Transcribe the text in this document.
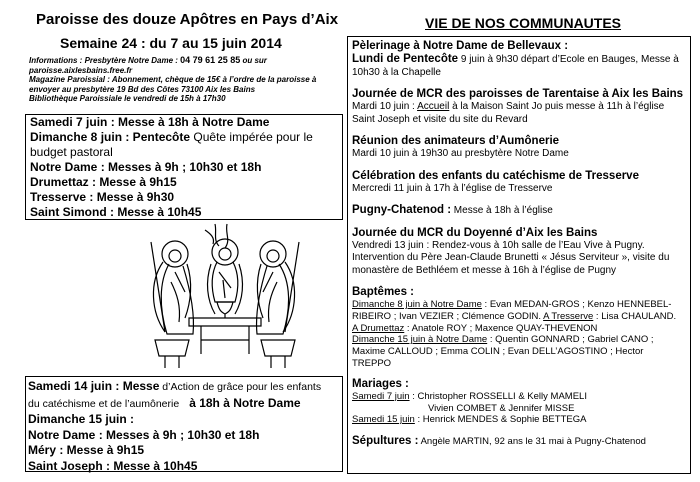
Paroisse des douze Apôtres en Pays d’Aix
Semaine 24 : du 7 au 15 juin 2014
Informations : Presbytère Notre Dame : 04 79 61 25 85 ou sur
paroisse.aixlesbains.free.fr
Magazine Paroissial : Abonnement, chèque de 15€ à l’ordre de la paroisse à
envoyer au presbytère 19 Bd des Côtes 73100 Aix les Bains
Bibliothèque Paroissiale le vendredi de 15h à 17h30
Samedi 7 juin : Messe à 18h à Notre Dame
Dimanche 8 juin : Pentecôte Quête impérée pour le
budget pastoral
Notre Dame : Messes à 9h ; 10h30 et 18h
Drumettaz : Messe à 9h15
Tresserve : Messe à 9h30
Saint Simond : Messe à 10h45
Samedi 14 juin : Messe d’Action de grâce pour les enfants
du catéchisme et de l’aumônerie à 18h à Notre Dame
Dimanche 15 juin :
Notre Dame : Messes à 9h ; 10h30 et 18h
Méry : Messe à 9h15
Saint Joseph : Messe à 10h45
VIE DE NOS COMMUNAUTES
Pèlerinage à Notre Dame de Bellevaux :
Lundi de Pentecôte 9 juin à 9h30 départ d’Ecole en Bauges, Messe à
10h30 à la Chapelle
Journée de MCR des paroisses de Tarentaise à Aix les Bains
Mardi 10 juin : Accueil à la Maison Saint Jo puis messe à 11h à l’église
Saint Joseph et visite du site du Revard
Réunion des animateurs d’Aumônerie
Mardi 10 juin à 19h30 au presbytère Notre Dame
Célébration des enfants du catéchisme de Tresserve
Mercredi 11 juin à 17h à l’église de Tresserve
Pugny-Chatenod : Messe à 18h à l’église
Journée du MCR du Doyenné d’Aix les Bains
Vendredi 13 juin : Rendez-vous à 10h salle de l’Eau Vive à Pugny.
Intervention du Père Jean-Claude Brunetti « Jésus Serviteur », visite du
monastère de Bethléem et messe à 16h à l’église de Pugny
Baptêmes :
Dimanche 8 juin à Notre Dame : Evan MEDAN-GROS ; Kenzo HENNEBEL-
RIBEIRO ; Ivan VEZIER ; Clémence GODIN. A Tresserve : Lisa CHAULAND.
A Drumettaz : Anatole ROY ; Maxence QUAY-THEVENON
Dimanche 15 juin à Notre Dame : Quentin GONNARD ; Gabriel CANO ;
Maxime CALLOUD ; Emma COLIN ; Evan DELL’AGOSTINO ; Hector
TREPPO
Mariages :
Samedi 7 juin : Christopher ROSSELLI & Kelly MAMELI
Vivien COMBET & Jennifer MISSE
Samedi 15 juin : Henrick MENDES & Sophie BETTEGA
Sépultures : Angèle MARTIN, 92 ans le 31 mai à Pugny-Chatenod
